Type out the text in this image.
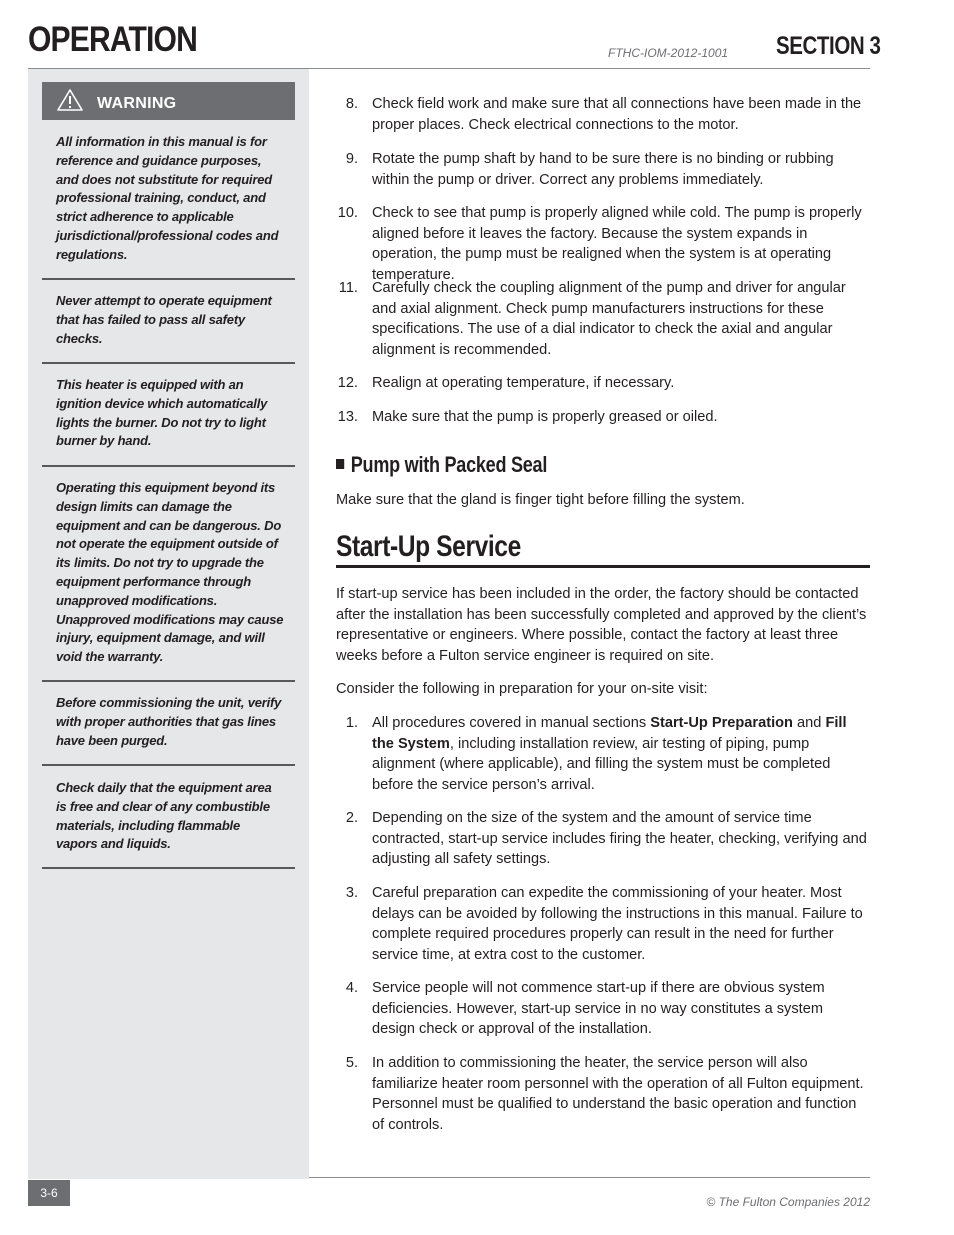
OPERATION	FTHC-IOM-2012-1001 SECTION 3
WARNING
All information in this manual is for reference and guidance purposes, and does not substitute for required professional training, conduct, and strict adherence to applicable jurisdictional/professional codes and regulations.
Never attempt to operate equipment that has failed to pass all safety checks.
This heater is equipped with an ignition device which automatically lights the burner. Do not try to light burner by hand.
Operating this equipment beyond its design limits can damage the equipment and can be dangerous. Do not operate the equipment outside of its limits. Do not try to upgrade the equipment performance through unapproved modifications. Unapproved modifications may cause injury, equipment damage, and will void the warranty.
Before commissioning the unit, verify with proper authorities that gas lines have been purged.
Check daily that the equipment area is free and clear of any combustible materials, including flammable vapors and liquids.
8. Check field work and make sure that all connections have been made in the proper places. Check electrical connections to the motor.
9. Rotate the pump shaft by hand to be sure there is no binding or rubbing within the pump or driver. Correct any problems immediately.
10. Check to see that pump is properly aligned while cold. The pump is properly aligned before it leaves the factory. Because the system expands in operation, the pump must be realigned when the system is at operating temperature.
11. Carefully check the coupling alignment of the pump and driver for angular and axial alignment. Check pump manufacturers instructions for these specifications. The use of a dial indicator to check the axial and angular alignment is recommended.
12. Realign at operating temperature, if necessary.
13. Make sure that the pump is properly greased or oiled.
Pump with Packed Seal
Make sure that the gland is finger tight before filling the system.
Start-Up Service
If start-up service has been included in the order, the factory should be contacted after the installation has been successfully completed and approved by the client’s representative or engineers. Where possible, contact the factory at least three weeks before a Fulton service engineer is required on site.
Consider the following in preparation for your on-site visit:
1. All procedures covered in manual sections Start-Up Preparation and Fill the System, including installation review, air testing of piping, pump alignment (where applicable), and filling the system must be completed before the service person’s arrival.
2. Depending on the size of the system and the amount of service time contracted, start-up service includes firing the heater, checking, verifying and adjusting all safety settings.
3. Careful preparation can expedite the commissioning of your heater. Most delays can be avoided by following the instructions in this manual. Failure to complete required procedures properly can result in the need for further service time, at extra cost to the customer.
4. Service people will not commence start-up if there are obvious system deficiencies. However, start-up service in no way constitutes a system design check or approval of the installation.
5. In addition to commissioning the heater, the service person will also familiarize heater room personnel with the operation of all Fulton equipment. Personnel must be qualified to understand the basic operation and function of controls.
3-6
© The Fulton Companies 2012
